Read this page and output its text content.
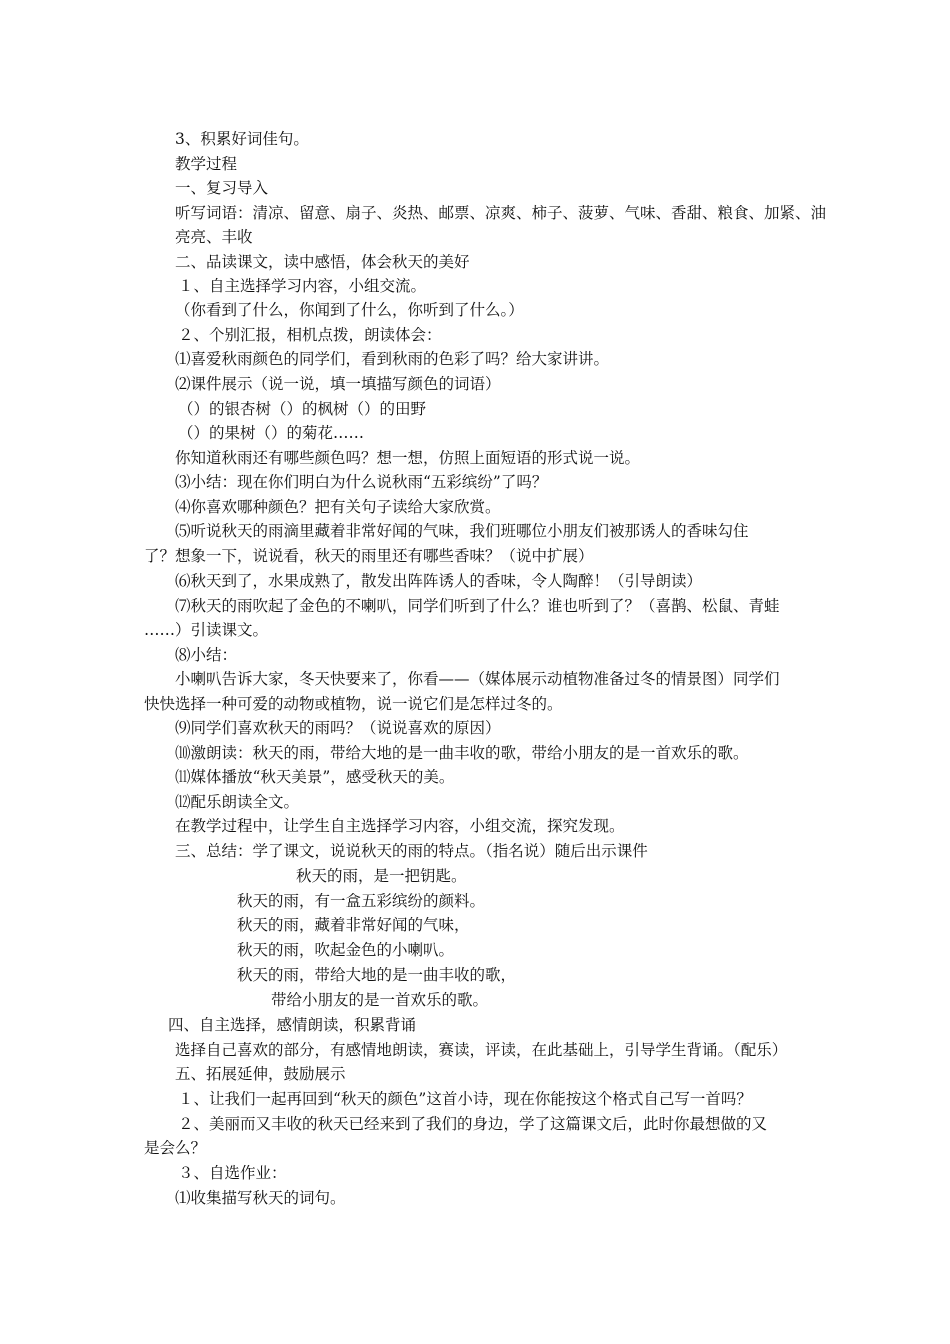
3、积累好词佳句。
教学过程
一、复习导入
听写词语：清凉、留意、扇子、炎热、邮票、凉爽、柿子、菠萝、气味、香甜、粮食、加紧、油
亮亮、丰收
二、品读课文，读中感悟，体会秋天的美好
１、自主选择学习内容，小组交流。
（你看到了什么，你闻到了什么，你听到了什么。）
２、个别汇报，相机点拨，朗读体会：
⑴喜爱秋雨颜色的同学们，看到秋雨的色彩了吗？给大家讲讲。
⑵课件展示（说一说，填一填描写颜色的词语）
（）的银杏树（）的枫树（）的田野
（）的果树（）的菊花……
你知道秋雨还有哪些颜色吗？想一想，仿照上面短语的形式说一说。
⑶小结：现在你们明白为什么说秋雨“五彩缤纷”了吗？
⑷你喜欢哪种颜色？把有关句子读给大家欣赏。
⑸听说秋天的雨滴里藏着非常好闻的气味，我们班哪位小朋友们被那诱人的香味勾住
了？想象一下，说说看，秋天的雨里还有哪些香味？（说中扩展）
⑹秋天到了，水果成熟了，散发出阵阵诱人的香味，令人陶醉！（引导朗读）
⑺秋天的雨吹起了金色的不喇叭，同学们听到了什么？谁也听到了？（喜鹊、松鼠、青蛙
……）引读课文。
⑻小结：
小喇叭告诉大家，冬天快要来了，你看——（媒体展示动植物准备过冬的情景图）同学们
快快选择一种可爱的动物或植物，说一说它们是怎样过冬的。
⑼同学们喜欢秋天的雨吗？（说说喜欢的原因）
⑽激朗读：秋天的雨，带给大地的是一曲丰收的歌，带给小朋友的是一首欢乐的歌。
⑾媒体播放“秋天美景”，感受秋天的美。
⑿配乐朗读全文。
在教学过程中，让学生自主选择学习内容，小组交流，探究发现。
三、总结：学了课文，说说秋天的雨的特点。（指名说）随后出示课件
秋天的雨，是一把钥匙。
秋天的雨，有一盒五彩缤纷的颜料。
秋天的雨，藏着非常好闻的气味，
秋天的雨，吹起金色的小喇叭。
秋天的雨，带给大地的是一曲丰收的歌，
带给小朋友的是一首欢乐的歌。
四、自主选择，感情朗读，积累背诵
选择自己喜欢的部分，有感情地朗读，赛读，评读，在此基础上，引导学生背诵。（配乐）
五、拓展延伸，鼓励展示
１、让我们一起再回到“秋天的颜色”这首小诗，现在你能按这个格式自己写一首吗？
２、美丽而又丰收的秋天已经来到了我们的身边，学了这篇课文后，此时你最想做的又
是会么？
３、自选作业：
⑴收集描写秋天的词句。
